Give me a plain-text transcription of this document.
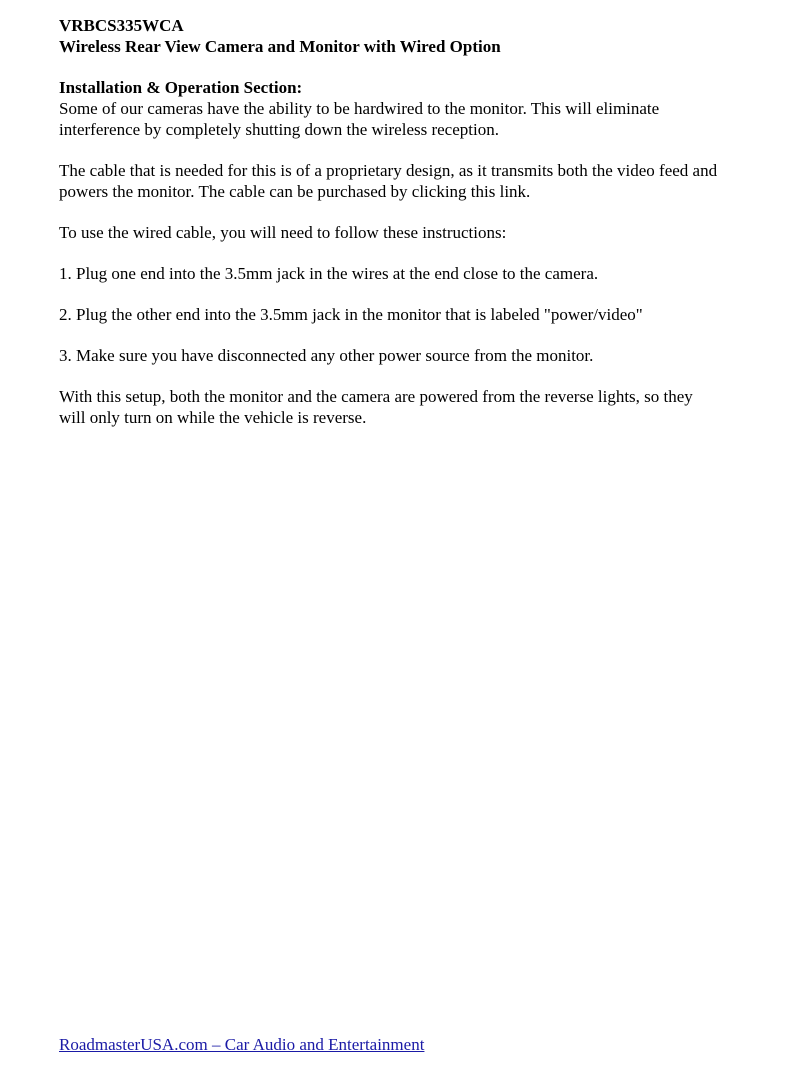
VRBCS335WCA

Wireless Rear View Camera and Monitor with Wired Option

Installation & Operation Section:

Some of our cameras have the ability to be hardwired to the monitor. This will eliminate

interference by completely shutting down the wireless reception.

The cable that is needed for this is of a proprietary design, as it transmits both the video feed and

powers the monitor. The cable can be purchased by clicking this link.

To use the wired cable, you will need to follow these instructions:

1. Plug one end into the 3.5mm jack in the wires at the end close to the camera.

2. Plug the other end into the 3.5mm jack in the monitor that is labeled "power/video"

3. Make sure you have disconnected any other power source from the monitor.

With this setup, both the monitor and the camera are powered from the reverse lights, so they

will only turn on while the vehicle is reverse.

RoadmasterUSA.com – Car Audio and Entertainment
